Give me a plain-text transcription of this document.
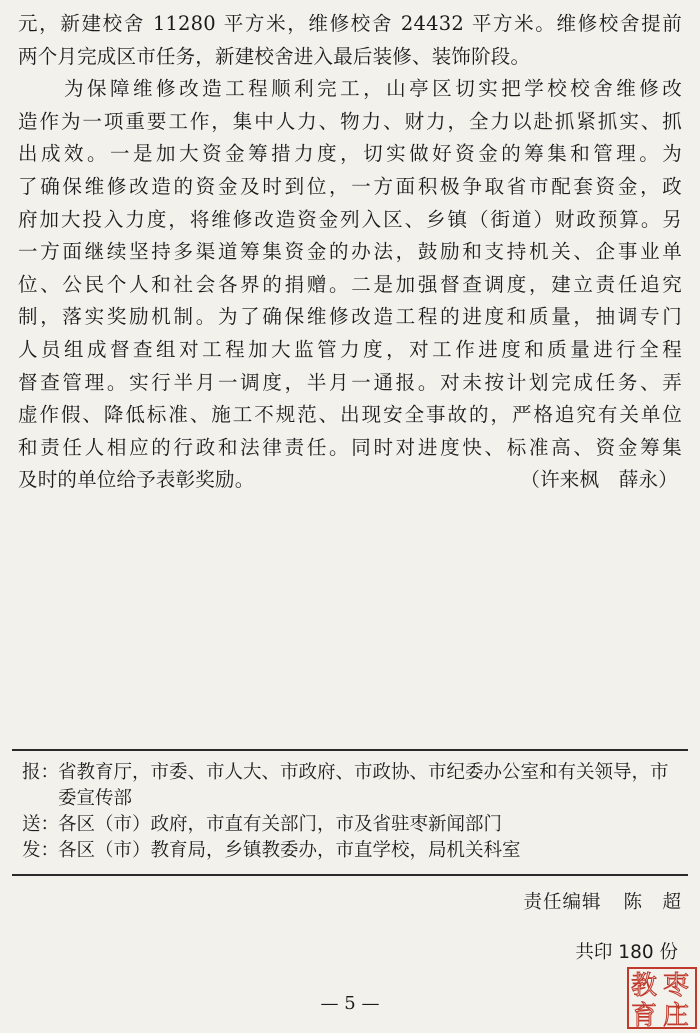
元，新建校舍 11280 平方米，维修校舍 24432 平方米。维修校舍提前
两个月完成区市任务，新建校舍进入最后装修、装饰阶段。
　　为保障维修改造工程顺利完工，山亭区切实把学校校舍维修改
造作为一项重要工作，集中人力、物力、财力，全力以赴抓紧抓实、抓
出成效。一是加大资金筹措力度，切实做好资金的筹集和管理。为
了确保维修改造的资金及时到位，一方面积极争取省市配套资金，政
府加大投入力度，将维修改造资金列入区、乡镇（街道）财政预算。另
一方面继续坚持多渠道筹集资金的办法，鼓励和支持机关、企事业单
位、公民个人和社会各界的捐赠。二是加强督查调度，建立责任追究
制，落实奖励机制。为了确保维修改造工程的进度和质量，抽调专门
人员组成督查组对工程加大监管力度，对工作进度和质量进行全程
督查管理。实行半月一调度，半月一通报。对未按计划完成任务、弄
虚作假、降低标准、施工不规范、出现安全事故的，严格追究有关单位
和责任人相应的行政和法律责任。同时对进度快、标准高、资金筹集
及时的单位给予表彰奖励。	（许来枫　薛永）
报：
省教育厅，市委、市人大、市政府、市政协、市纪委办公室和有关领导，市委宣传部
送：
各区（市）政府，市直有关部门，市及省驻枣新闻部门
发：
各区（市）教育局，乡镇教委办，市直学校，局机关科室
责任编辑 陈　超
共印 180 份
— 5 —
枣
庄
教
育
